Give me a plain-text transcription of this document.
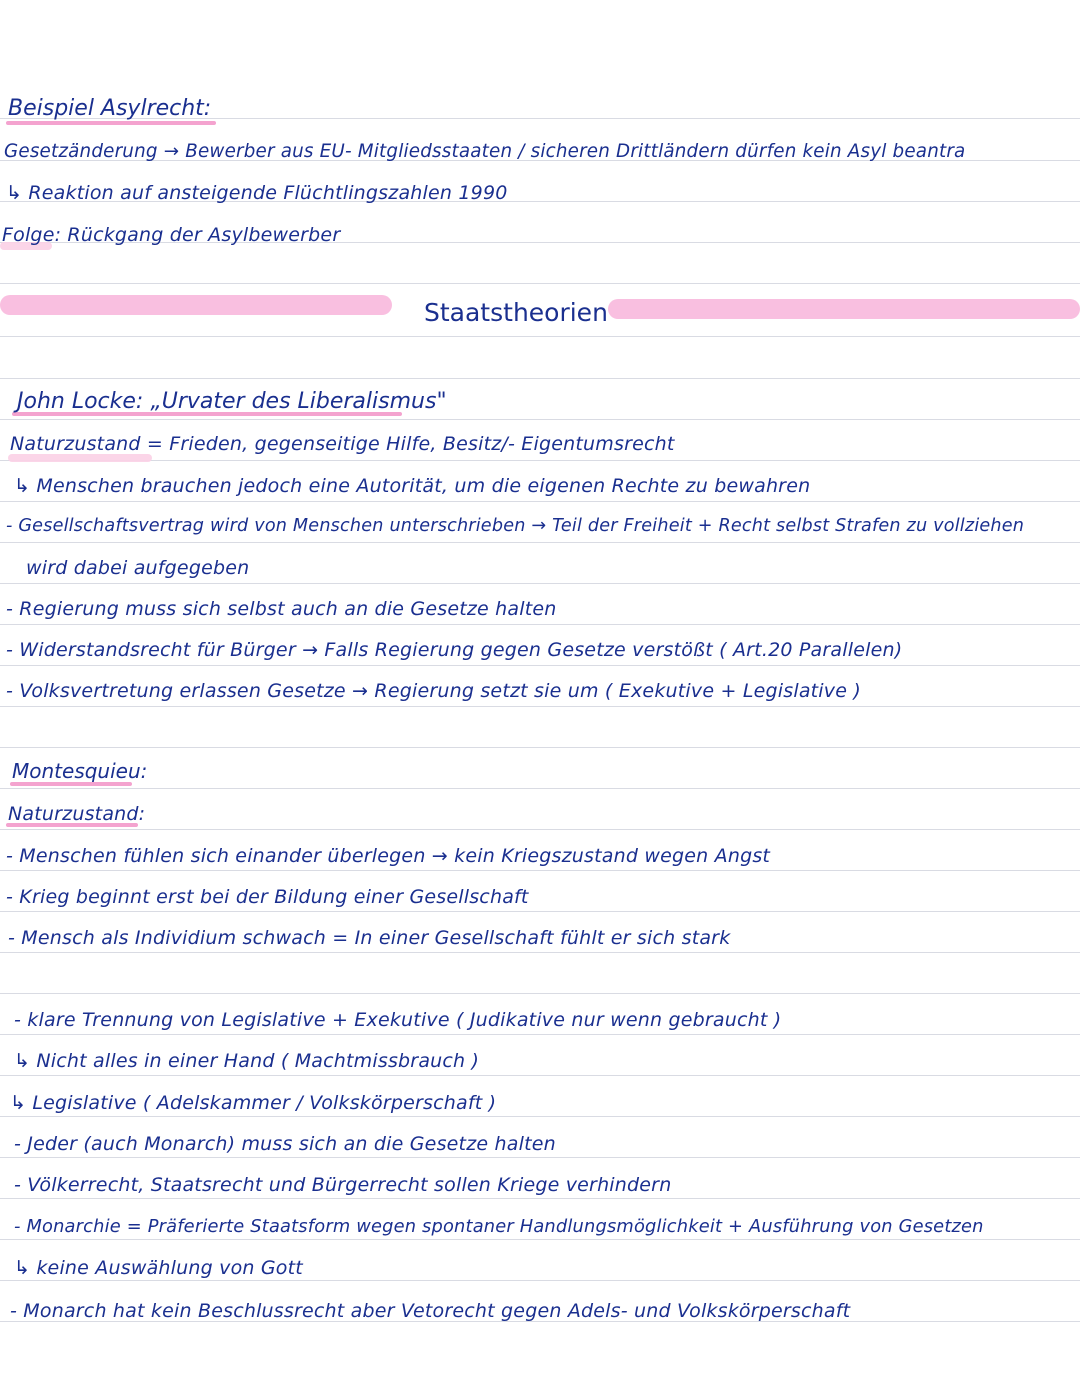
Beispiel Asylrecht:
Gesetzänderung → Bewerber aus EU- Mitgliedsstaaten / sicheren Drittländern dürfen kein Asyl beantra
↳ Reaktion auf ansteigende Flüchtlingszahlen 1990
Folge: Rückgang der Asylbewerber
Staatstheorien
John Locke: „Urvater des Liberalismus"
Naturzustand = Frieden, gegenseitige Hilfe, Besitz/- Eigentumsrecht
↳ Menschen brauchen jedoch eine Autorität, um die eigenen Rechte zu bewahren
- Gesellschaftsvertrag wird von Menschen unterschrieben → Teil der Freiheit + Recht selbst Strafen zu vollziehen
wird dabei aufgegeben
- Regierung muss sich selbst auch an die Gesetze halten
- Widerstandsrecht für Bürger → Falls Regierung gegen Gesetze verstößt ( Art.20 Parallelen)
- Volksvertretung erlassen Gesetze → Regierung setzt sie um ( Exekutive + Legislative )
Montesquieu:
Naturzustand:
- Menschen fühlen sich einander überlegen → kein Kriegszustand wegen Angst
- Krieg beginnt erst bei der Bildung einer Gesellschaft
- Mensch als Individium schwach = In einer Gesellschaft fühlt er sich stark
- klare Trennung von Legislative + Exekutive ( Judikative nur wenn gebraucht )
↳ Nicht alles in einer Hand ( Machtmissbrauch )
↳ Legislative ( Adelskammer / Volkskörperschaft )
- Jeder (auch Monarch) muss sich an die Gesetze halten
- Völkerrecht, Staatsrecht und Bürgerrecht sollen Kriege verhindern
- Monarchie = Präferierte Staatsform wegen spontaner Handlungsmöglichkeit + Ausführung von Gesetzen
↳ keine Auswählung von Gott
- Monarch hat kein Beschlussrecht aber Vetorecht gegen Adels- und Volkskörperschaft
